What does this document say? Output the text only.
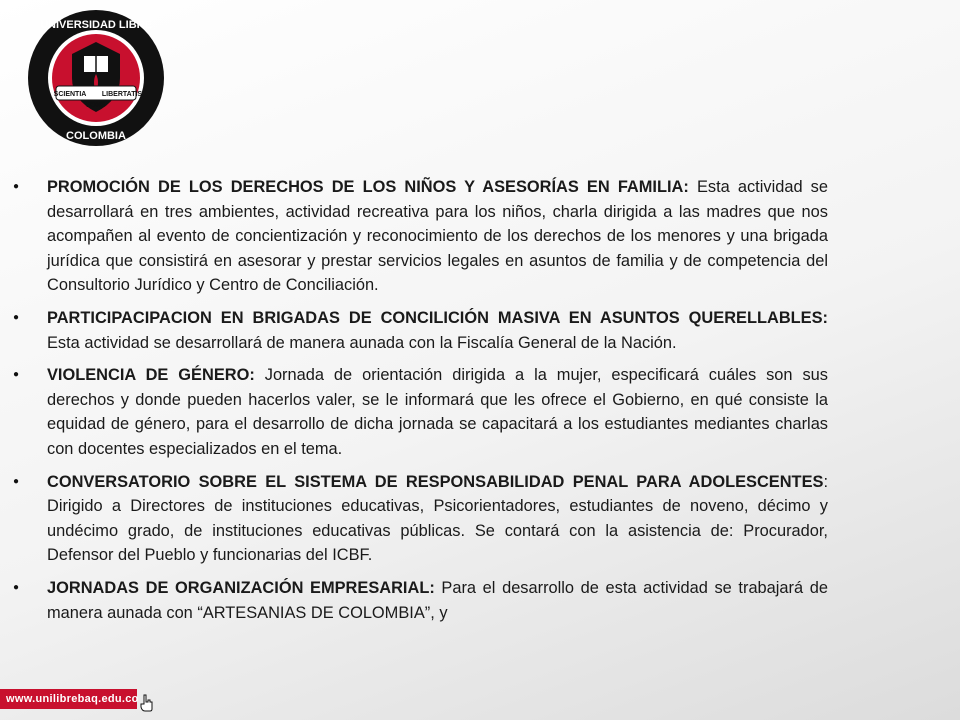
UNIVERSIDAD LIBRE
COLOMBIA
SCIENTIA
FONS
LIBERTATIS
● PROMOCIÓN DE LOS DERECHOS DE LOS NIÑOS Y ASESORÍAS EN FAMILIA: Esta actividad se desarrollará en tres ambientes, actividad recreativa para los niños, charla dirigida a las madres que nos acompañen al evento de concientización y reconocimiento de los derechos de los menores y una brigada jurídica que consistirá en asesorar y prestar servicios legales en asuntos de familia y de competencia del Consultorio Jurídico y Centro de Conciliación.
● PARTICIPACIPACION EN BRIGADAS DE CONCILICIÓN MASIVA EN ASUNTOS QUERELLABLES: Esta actividad se desarrollará de manera aunada con la Fiscalía General de la Nación.
● VIOLENCIA DE GÉNERO: Jornada de orientación dirigida a la mujer, especificará cuáles son sus derechos y donde pueden hacerlos valer, se le informará que les ofrece el Gobierno, en qué consiste la equidad de género, para el desarrollo de dicha jornada se capacitará a los estudiantes mediantes charlas con docentes especializados en el tema.
● CONVERSATORIO SOBRE EL SISTEMA DE RESPONSABILIDAD PENAL PARA ADOLESCENTES: Dirigido a Directores de instituciones educativas, Psicorientadores, estudiantes de noveno, décimo y undécimo grado, de instituciones educativas públicas. Se contará con la asistencia de: Procurador, Defensor del Pueblo y funcionarias del ICBF.
● JORNADAS DE ORGANIZACIÓN EMPRESARIAL: Para el desarrollo de esta actividad se trabajará de manera aunada con “ARTESANIAS DE COLOMBIA”, y
www.unilibrebaq.edu.co
